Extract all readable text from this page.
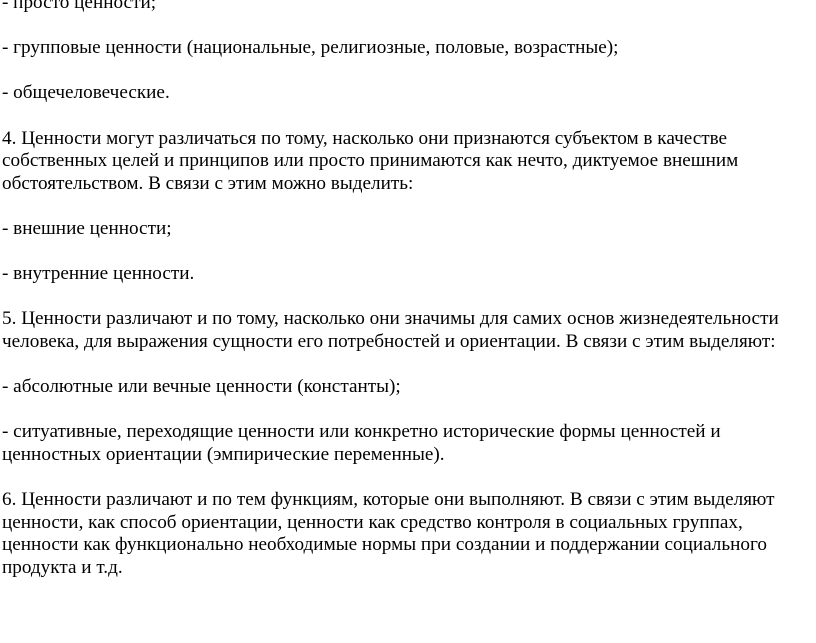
- просто ценности;

- групповые ценности (национальные, религиозные, половые, возрастные);

- общечеловеческие.

4. Ценности могут различаться по тому, насколько они признаются субъектом в качестве собственных целей и принципов или просто принимаются как нечто, диктуемое внешним обстоятельством. В связи с этим можно выделить:

- внешние ценности;

- внутренние ценности.

5. Ценности различают и по тому, насколько они значимы для самих основ жизнедеятельности человека, для выражения сущности его потребностей и ориентации. В связи с этим выделяют:

- абсолютные или вечные ценности (константы);

- ситуативные, переходящие ценности или конкретно исторические формы ценностей и ценностных ориентации (эмпирические переменные).

6. Ценности различают и по тем функциям, которые они выполняют. В связи с этим выделяют ценности, как способ ориентации, ценности как средство контроля в социальных группах, ценности как функционально необходимые нормы при создании и поддержании социального продукта и т.д.
